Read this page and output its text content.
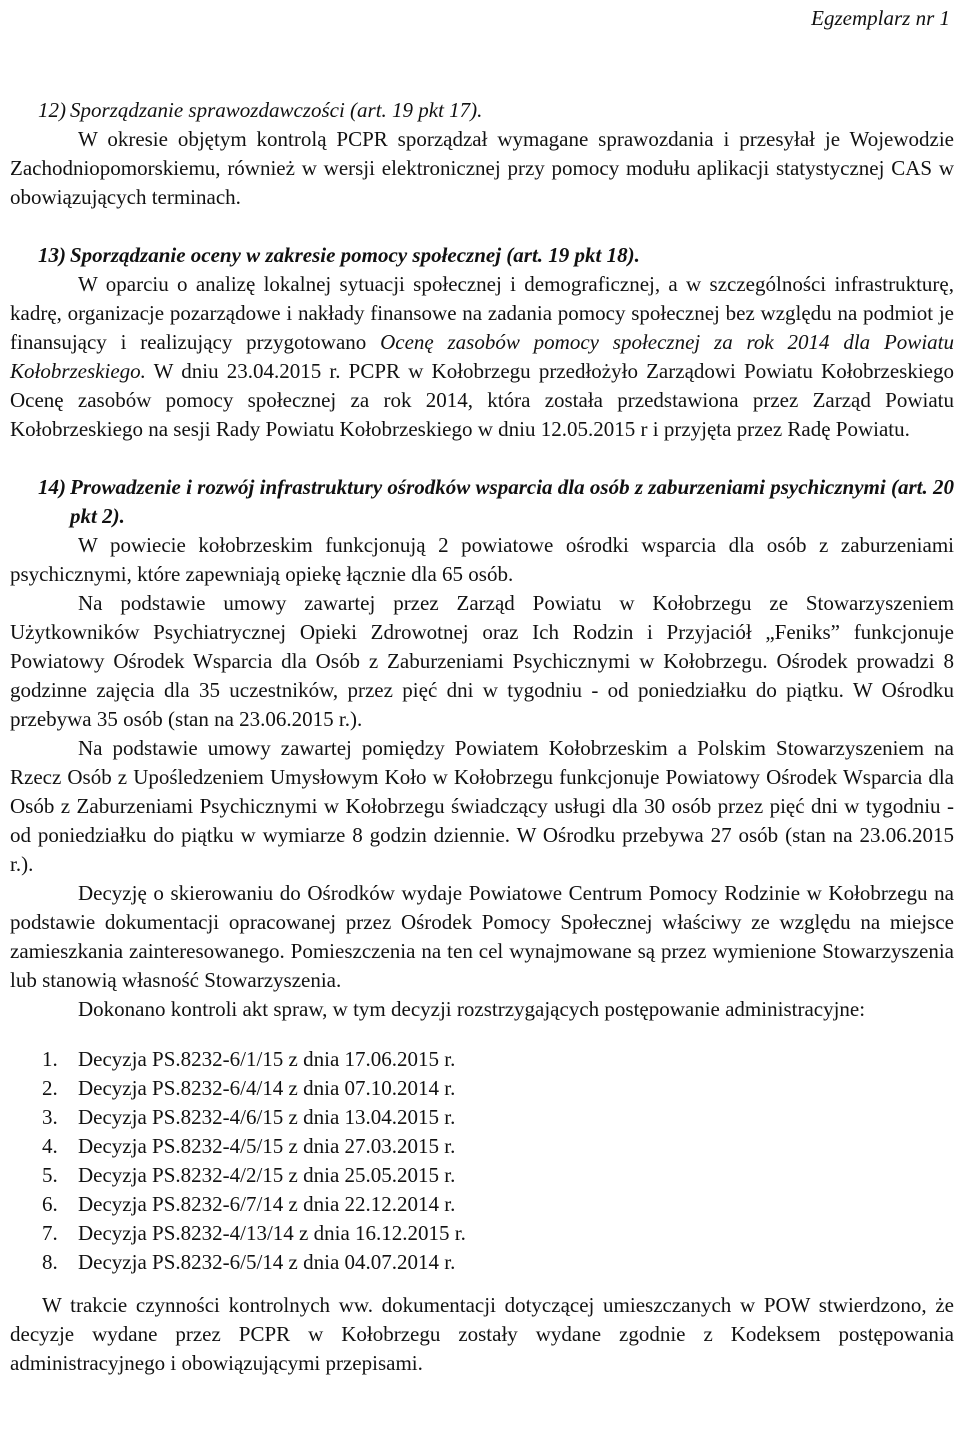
Egzemplarz nr 1
12) Sporządzanie sprawozdawczości (art. 19 pkt 17).

W okresie objętym kontrolą PCPR sporządzał wymagane sprawozdania i przesyłał je Wojewodzie Zachodniopomorskiemu, również w wersji elektronicznej przy pomocy modułu aplikacji statystycznej CAS w obowiązujących terminach.

13) Sporządzanie oceny w zakresie pomocy społecznej (art. 19 pkt 18).

W oparciu o analizę lokalnej sytuacji społecznej i demograficznej, a w szczególności infrastrukturę, kadrę, organizacje pozarządowe i nakłady finansowe na zadania pomocy społecznej bez względu na podmiot je finansujący i realizujący przygotowano Ocenę zasobów pomocy społecznej za rok 2014 dla Powiatu Kołobrzeskiego. W dniu 23.04.2015 r. PCPR w Kołobrzegu przedłożyło Zarządowi Powiatu Kołobrzeskiego Ocenę zasobów pomocy społecznej za rok 2014, która została przedstawiona przez Zarząd Powiatu Kołobrzeskiego na sesji Rady Powiatu Kołobrzeskiego w dniu 12.05.2015 r i przyjęta przez Radę Powiatu.

14) Prowadzenie i rozwój infrastruktury ośrodków wsparcia dla osób z zaburzeniami psychicznymi (art. 20 pkt 2).

W powiecie kołobrzeskim funkcjonują 2 powiatowe ośrodki wsparcia dla osób z zaburzeniami psychicznymi, które zapewniają opiekę łącznie dla 65 osób.

Na podstawie umowy zawartej przez Zarząd Powiatu w Kołobrzegu ze Stowarzyszeniem Użytkowników Psychiatrycznej Opieki Zdrowotnej oraz Ich Rodzin i Przyjaciół „Feniks” funkcjonuje Powiatowy Ośrodek Wsparcia dla Osób z Zaburzeniami Psychicznymi w Kołobrzegu. Ośrodek prowadzi 8 godzinne zajęcia dla 35 uczestników, przez pięć dni w tygodniu - od poniedziałku do piątku. W Ośrodku przebywa 35 osób (stan na 23.06.2015 r.).

Na podstawie umowy zawartej pomiędzy Powiatem Kołobrzeskim a Polskim Stowarzyszeniem na Rzecz Osób z Upośledzeniem Umysłowym Koło w Kołobrzegu funkcjonuje Powiatowy Ośrodek Wsparcia dla Osób z Zaburzeniami Psychicznymi w Kołobrzegu świadczący usługi dla 30 osób przez pięć dni w tygodniu - od poniedziałku do piątku w wymiarze 8 godzin dziennie. W Ośrodku przebywa 27 osób (stan na 23.06.2015 r.).

Decyzję o skierowaniu do Ośrodków wydaje Powiatowe Centrum Pomocy Rodzinie w Kołobrzegu na podstawie dokumentacji opracowanej przez Ośrodek Pomocy Społecznej właściwy ze względu na miejsce zamieszkania zainteresowanego. Pomieszczenia na ten cel wynajmowane są przez wymienione Stowarzyszenia lub stanowią własność Stowarzyszenia.

Dokonano kontroli akt spraw, w tym decyzji rozstrzygających postępowanie administracyjne:

1. Decyzja PS.8232-6/1/15 z dnia 17.06.2015 r.
2. Decyzja PS.8232-6/4/14 z dnia 07.10.2014 r.
3. Decyzja PS.8232-4/6/15 z dnia 13.04.2015 r.
4. Decyzja PS.8232-4/5/15 z dnia 27.03.2015 r.
5. Decyzja PS.8232-4/2/15 z dnia 25.05.2015 r.
6. Decyzja PS.8232-6/7/14 z dnia 22.12.2014 r.
7. Decyzja PS.8232-4/13/14 z dnia 16.12.2015 r.
8. Decyzja PS.8232-6/5/14 z dnia 04.07.2014 r.

W trakcie czynności kontrolnych ww. dokumentacji dotyczącej umieszczanych w POW stwierdzono, że decyzje wydane przez PCPR w Kołobrzegu zostały wydane zgodnie z Kodeksem postępowania administracyjnego i obowiązującymi przepisami.
